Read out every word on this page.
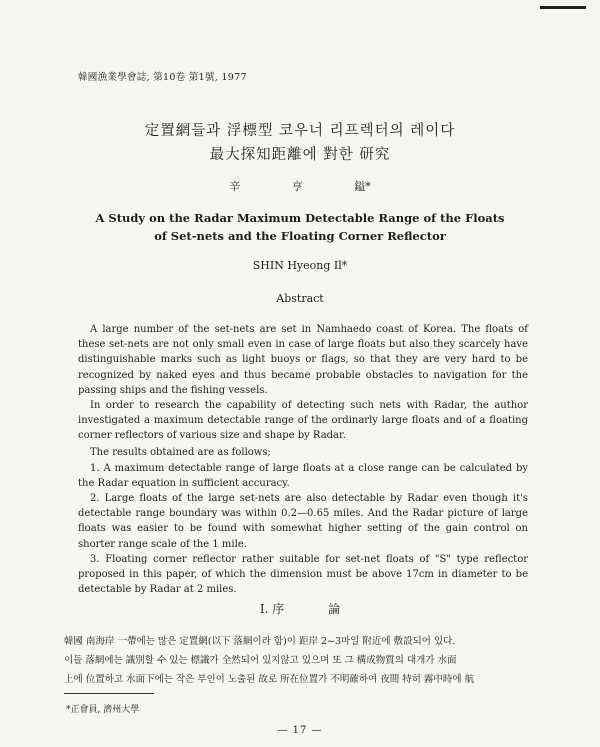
韓國漁業學會誌, 第10卷 第1號, 1977
定置網들과 浮標型 코우너 리프렉터의 레이다
最大探知距離에 對한 研究
辛	亨	鎰*
A Study on the Radar Maximum Detectable Range of the Floats
of Set-nets and the Floating Corner Reflector
SHIN Hyeong Il*
Abstract
A large number of the set-nets are set in Namhaedo coast of Korea. The floats of these set-nets are not only small even in case of large floats but also they scarcely have distinguishable marks such as light buoys or flags, so that they are very hard to be recognized by naked eyes and thus became probable obstacles to navigation for the passing ships and the fishing vessels.
In order to research the capability of detecting such nets with Radar, the author investigated a maximum detectable range of the ordinarly large floats and of a floating corner reflectors of various size and shape by Radar.
The results obtained are as follows;
1. A maximum detectable range of large floats at a close range can be calculated by the Radar equation in sufficient accuracy.
2. Large floats of the large set-nets are also detectable by Radar even though it's detectable range boundary was within 0.2—0.65 miles. And the Radar picture of large floats was easier to be found with somewhat higher setting of the gain control on shorter range scale of the 1 mile.
3. Floating corner reflector rather suitable for set-net floats of "S" type reflector proposed in this paper, of which the dimension must be above 17cm in diameter to be detectable by Radar at 2 miles.
Ⅰ. 序	論
韓國 南海岸 一帶에는 많은 定置網(以下 落網이라 함)이 距岸 2~3마일 附近에 敷設되어 있다.
이들 落網에는 識別할 수 있는 標識가 全然되어 있지않고 있으며 또 그 構成物質의 대개가 水面
上에 位置하고 水面下에는 작은 부인이 노출된 故로 所在位置가 不明確하여 夜間 特히 霧中時에 航
*正會員, 濟州大學
— 17 —
